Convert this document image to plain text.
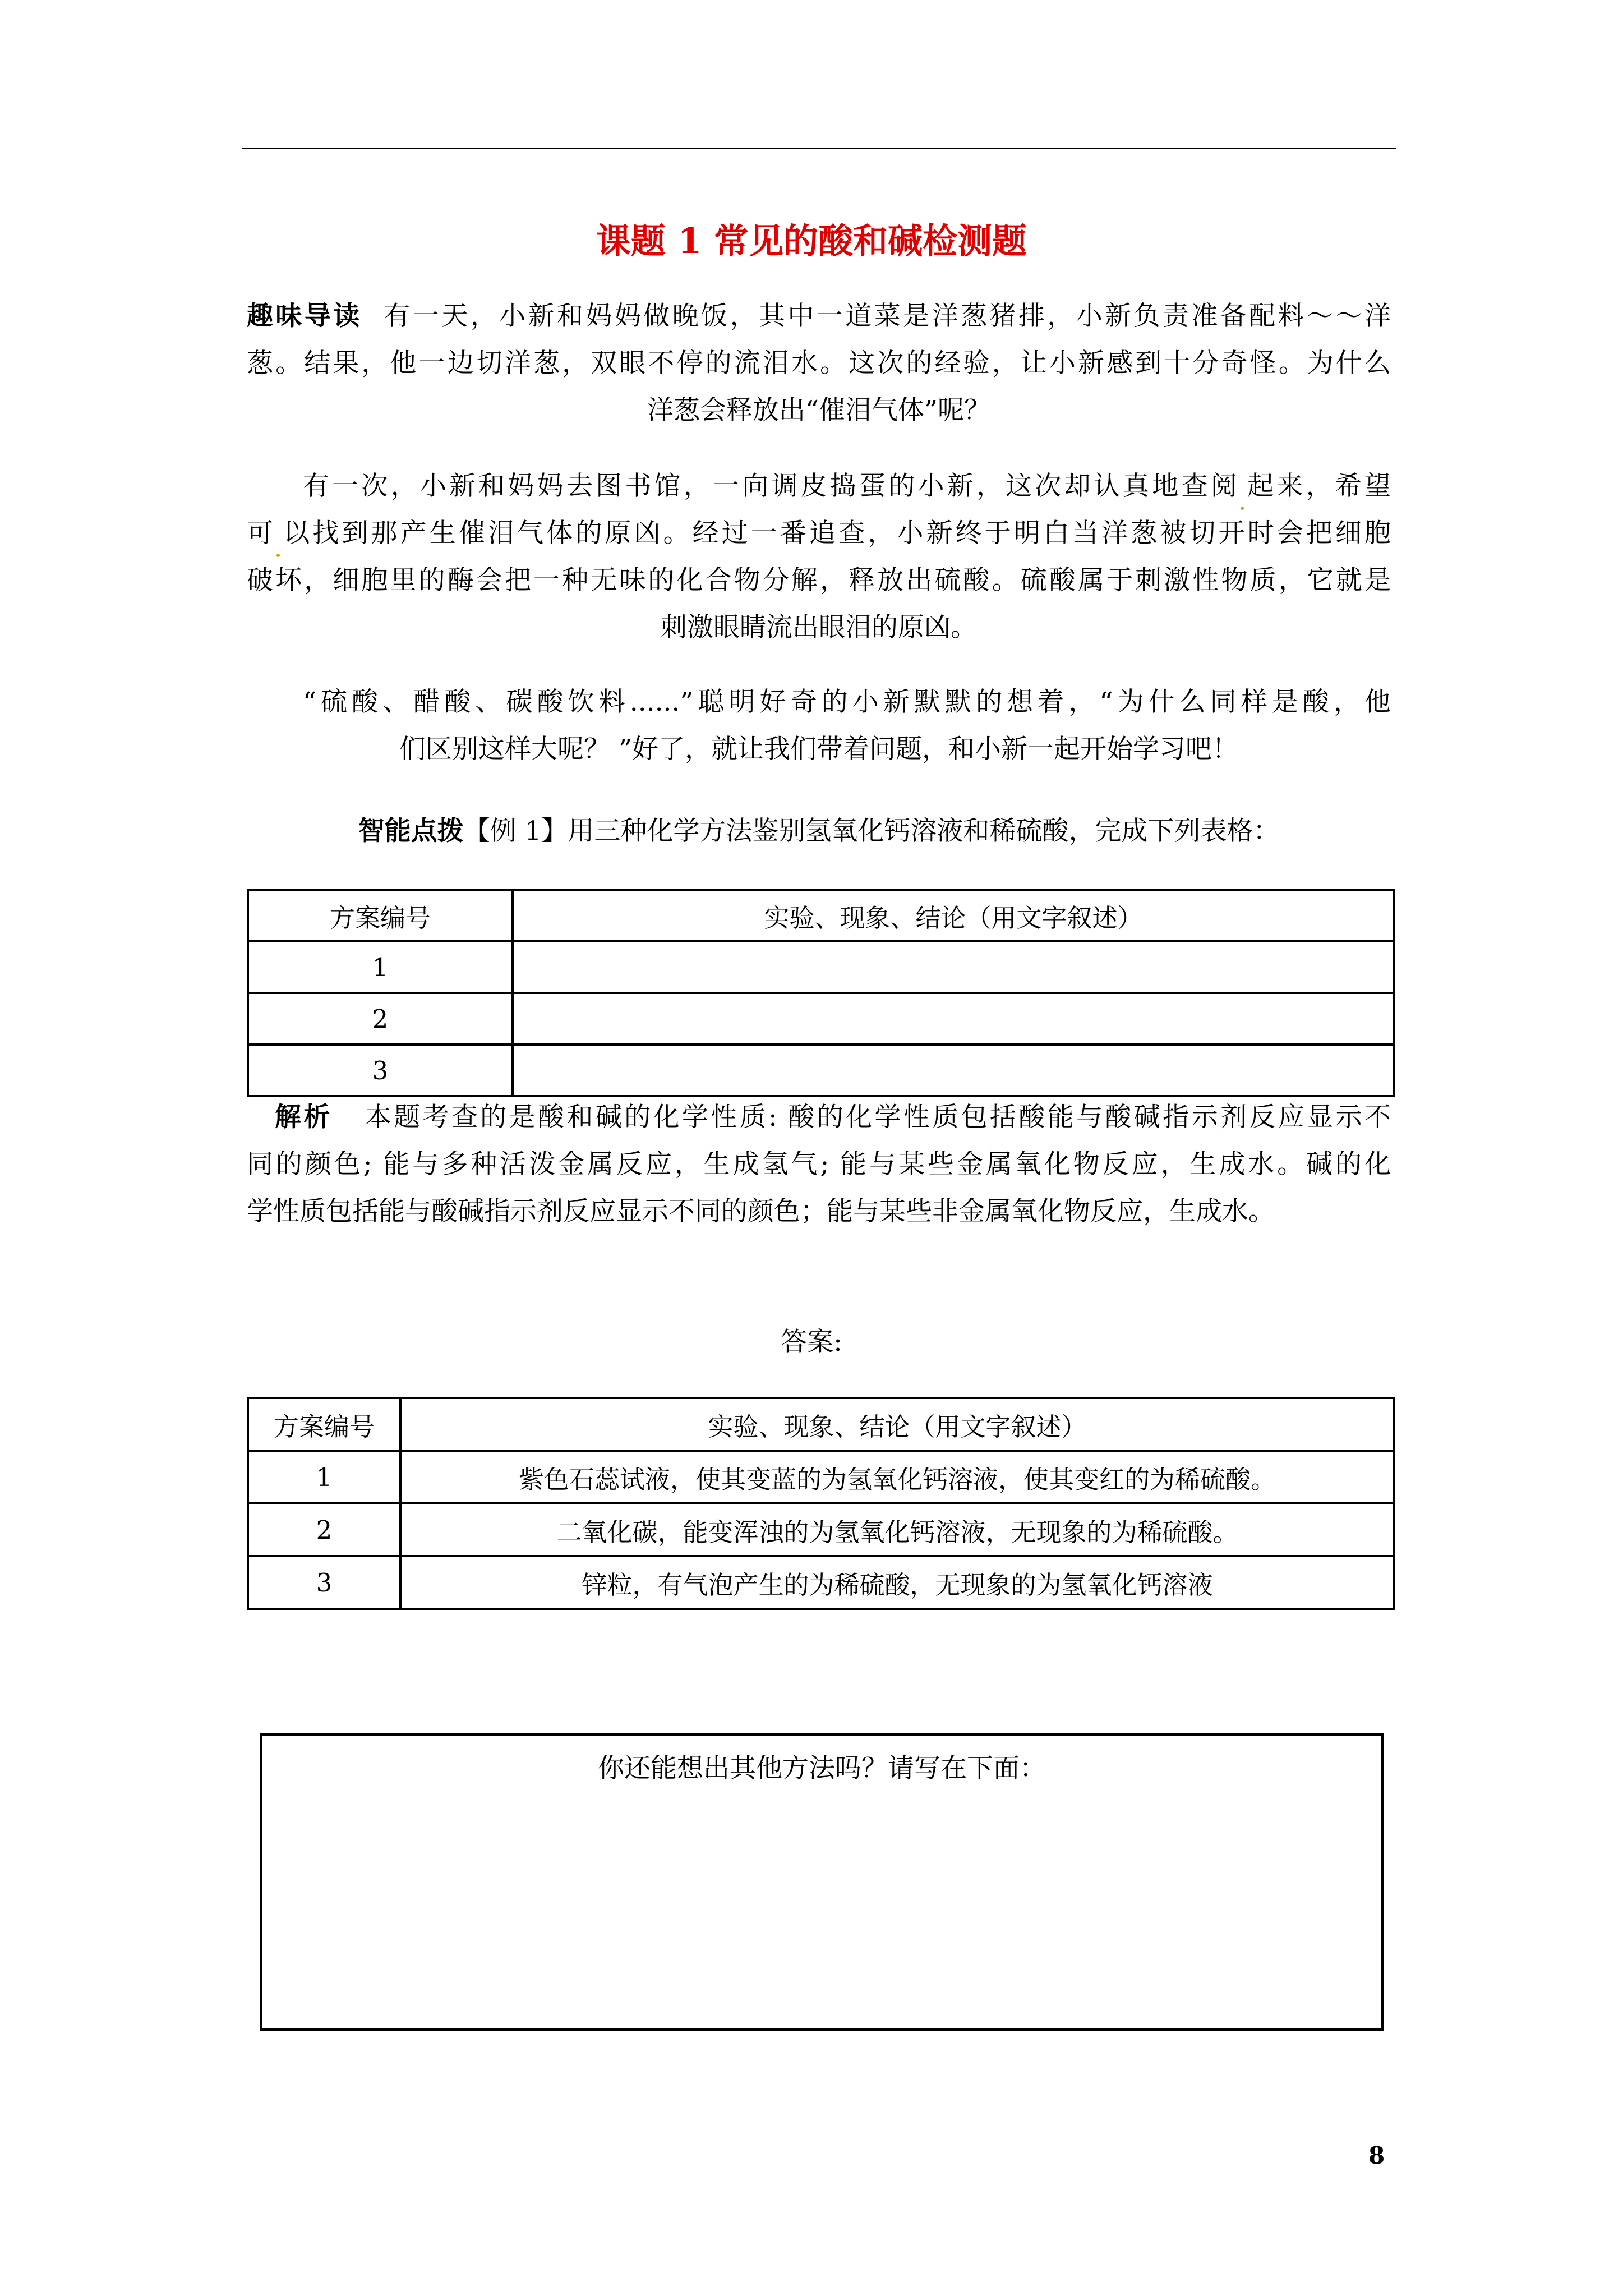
课题 1 常见的酸和碱检测题
趣味导读 有一天，小新和妈妈做晚饭，其中一道菜是洋葱猪排，小新负责准备配料～～洋
葱。结果，他一边切洋葱，双眼不停的流泪水。这次的经验，让小新感到十分奇怪。为什么
洋葱会释放出“催泪气体”呢？
有一次，小新和妈妈去图书馆，一向调皮捣蛋的小新，这次却认真地查阅 起来，希望
可 以找到那产生催泪气体的原凶。经过一番追查，小新终于明白当洋葱被切开时会把细胞
破坏，细胞里的酶会把一种无味的化合物分解，释放出硫酸。硫酸属于刺激性物质，它就是
刺激眼睛流出眼泪的原凶。
“硫酸、醋酸、碳酸饮料......”聪明好奇的小新默默的想着，“为什么同样是酸，他
们区别这样大呢？ ”好了，就让我们带着问题，和小新一起开始学习吧！
智能点拨【例 1】用三种化学方法鉴别氢氧化钙溶液和稀硫酸，完成下列表格：
方案编号	实验、现象、结论（用文字叙述）
1	
2	
3	
解析 本题考查的是酸和碱的化学性质: 酸的化学性质包括酸能与酸碱指示剂反应显示不
同的颜色; 能与多种活泼金属反应，生成氢气; 能与某些金属氧化物反应，生成水。碱的化
学性质包括能与酸碱指示剂反应显示不同的颜色；能与某些非金属氧化物反应，生成水。
答案:
方案编号	实验、现象、结论（用文字叙述）
1	紫色石蕊试液，使其变蓝的为氢氧化钙溶液，使其变红的为稀硫酸。
2	二氧化碳，能变浑浊的为氢氧化钙溶液，无现象的为稀硫酸。
3	锌粒，有气泡产生的为稀硫酸，无现象的为氢氧化钙溶液
你还能想出其他方法吗？请写在下面：
8
